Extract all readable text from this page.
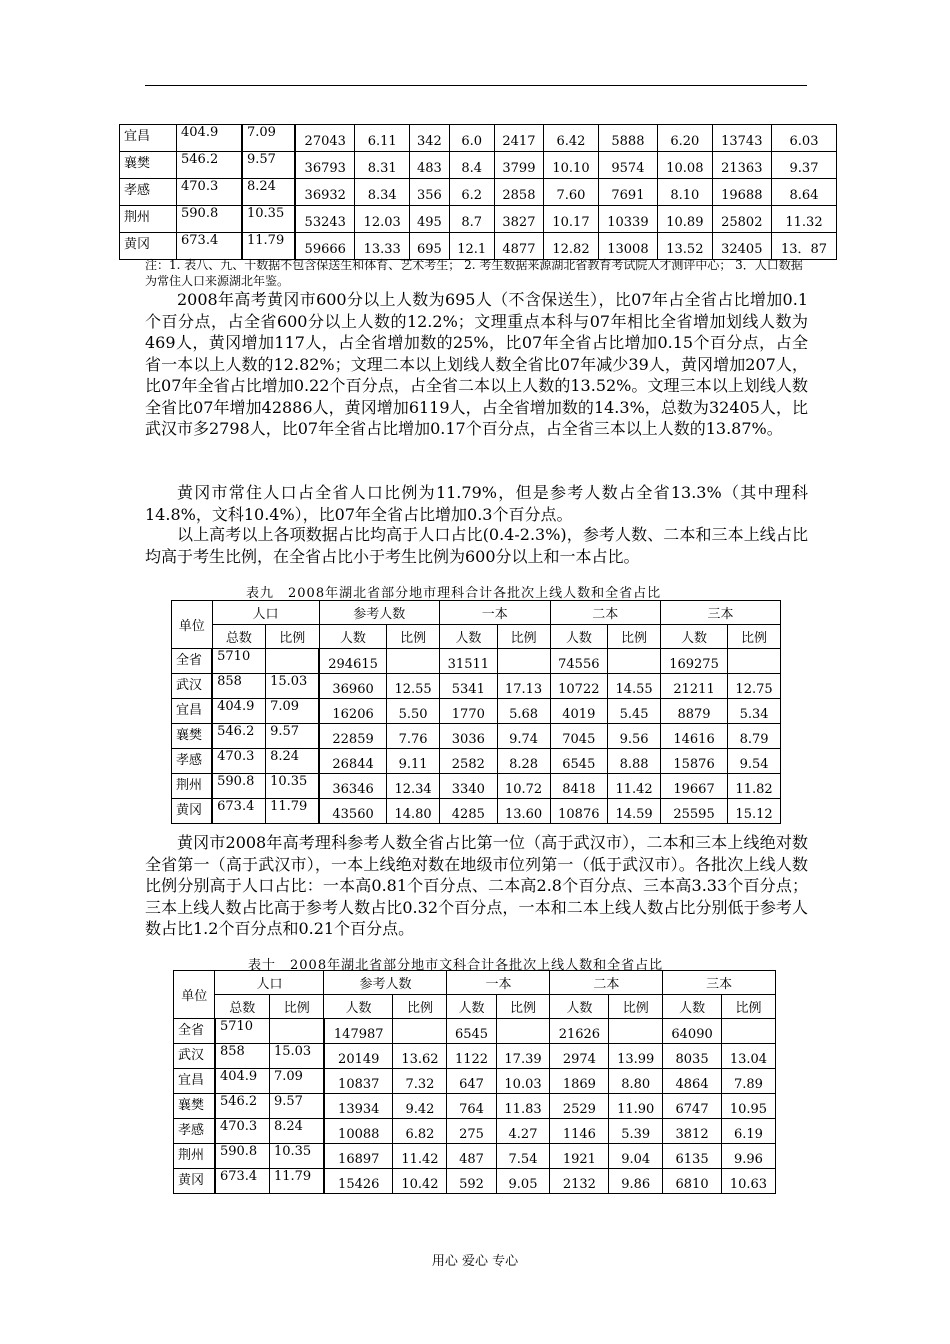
宜昌	404.9	7.09	27043	6.11	342	6.0	2417	6.42	5888	6.20	13743	6.03
襄樊	546.2	9.57	36793	8.31	483	8.4	3799	10.10	9574	10.08	21363	9.37
孝感	470.3	8.24	36932	8.34	356	6.2	2858	7.60	7691	8.10	19688	8.64
荆州	590.8	10.35	53243	12.03	495	8.7	3827	10.17	10339	10.89	25802	11.32
黄冈	673.4	11.79	59666	13.33	695	12.1	4877	12.82	13008	13.52	32405	13．87
注：1. 表八、九、十数据不包含保送生和体育、艺术考生； 2. 考生数据来源湖北省教育考试院人才测评中心； 3．人口数据为常住人口来源湖北年鉴。

2008年高考黄冈市600分以上人数为695人（不含保送生），比07年占全省占比增加0.1个百分点，占全省600分以上人数的12.2%；文理重点本科与07年相比全省增加划线人数为469人，黄冈增加117人，占全省增加数的25%，比07年全省占比增加0.15个百分点，占全省一本以上人数的12.82%；文理二本以上划线人数全省比07年减少39人，黄冈增加207人，比07年全省占比增加0.22个百分点，占全省二本以上人数的13.52%。文理三本以上划线人数全省比07年增加42886人，黄冈增加6119人，占全省增加数的14.3%，总数为32405人，比武汉市多2798人，比07年全省占比增加0.17个百分点，占全省三本以上人数的13.87%。

黄冈市常住人口占全省人口比例为11.79%，但是参考人数占全省13.3%（其中理科14.8%，文科10.4%），比07年全省占比增加0.3个百分点。

以上高考以上各项数据占比均高于人口占比(0.4-2.3%)，参考人数、二本和三本上线占比均高于考生比例，在全省占比小于考生比例为600分以上和一本占比。

表九　2008年湖北省部分地市理科合计各批次上线人数和全省占比
单位	人口		参考人数		一本		二本		三本	
	总数	比例	人数	比例	人数	比例	人数	比例	人数	比例
全省	5710		294615		31511		74556		169275	
武汉	858	15.03	36960	12.55	5341	17.13	10722	14.55	21211	12.75
宜昌	404.9	7.09	16206	5.50	1770	5.68	4019	5.45	8879	5.34
襄樊	546.2	9.57	22859	7.76	3036	9.74	7045	9.56	14616	8.79
孝感	470.3	8.24	26844	9.11	2582	8.28	6545	8.88	15876	9.54
荆州	590.8	10.35	36346	12.34	3340	10.72	8418	11.42	19667	11.82
黄冈	673.4	11.79	43560	14.80	4285	13.60	10876	14.59	25595	15.12

黄冈市2008年高考理科参考人数全省占比第一位（高于武汉市），二本和三本上线绝对数全省第一（高于武汉市），一本上线绝对数在地级市位列第一（低于武汉市）。各批次上线人数比例分别高于人口占比：一本高0.81个百分点、二本高2.8个百分点、三本高3.33个百分点；三本上线人数占比高于参考人数占比0.32个百分点，一本和二本上线人数占比分别低于参考人数占比1.2个百分点和0.21个百分点。

表十　2008年湖北省部分地市文科合计各批次上线人数和全省占比
单位	人口		参考人数		一本		二本		三本	
	总数	比例	人数	比例	人数	比例	人数	比例	人数	比例
全省	5710		147987		6545		21626		64090	
武汉	858	15.03	20149	13.62	1122	17.39	2974	13.99	8035	13.04
宜昌	404.9	7.09	10837	7.32	647	10.03	1869	8.80	4864	7.89
襄樊	546.2	9.57	13934	9.42	764	11.83	2529	11.90	6747	10.95
孝感	470.3	8.24	10088	6.82	275	4.27	1146	5.39	3812	6.19
荆州	590.8	10.35	16897	11.42	487	7.54	1921	9.04	6135	9.96
黄冈	673.4	11.79	15426	10.42	592	9.05	2132	9.86	6810	10.63
用心 爱心 专心
